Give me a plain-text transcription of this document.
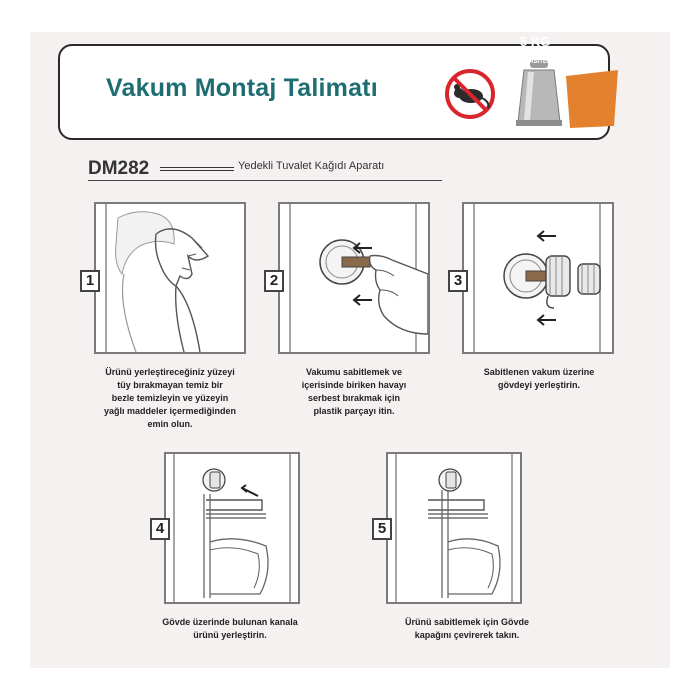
Vakum Montaj Talimatı
5 KG
TAŞIMA
KAPASİTESİ!
DM282	Yedekli Tuvalet Kağıdı Aparatı
1
Ürünü yerleştireceğiniz yüzeyi
tüy bırakmayan temiz bir
bezle temizleyin ve yüzeyin
yağlı maddeler içermediğinden
emin olun.
2
Vakumu sabitlemek ve
içerisinde biriken havayı
serbest bırakmak için
plastik parçayı itin.
3
Sabitlenen vakum üzerine
gövdeyi yerleştirin.
4
Gövde üzerinde bulunan kanala
ürünü yerleştirin.
5
Ürünü sabitlemek için Gövde
kapağını çevirerek takın.
